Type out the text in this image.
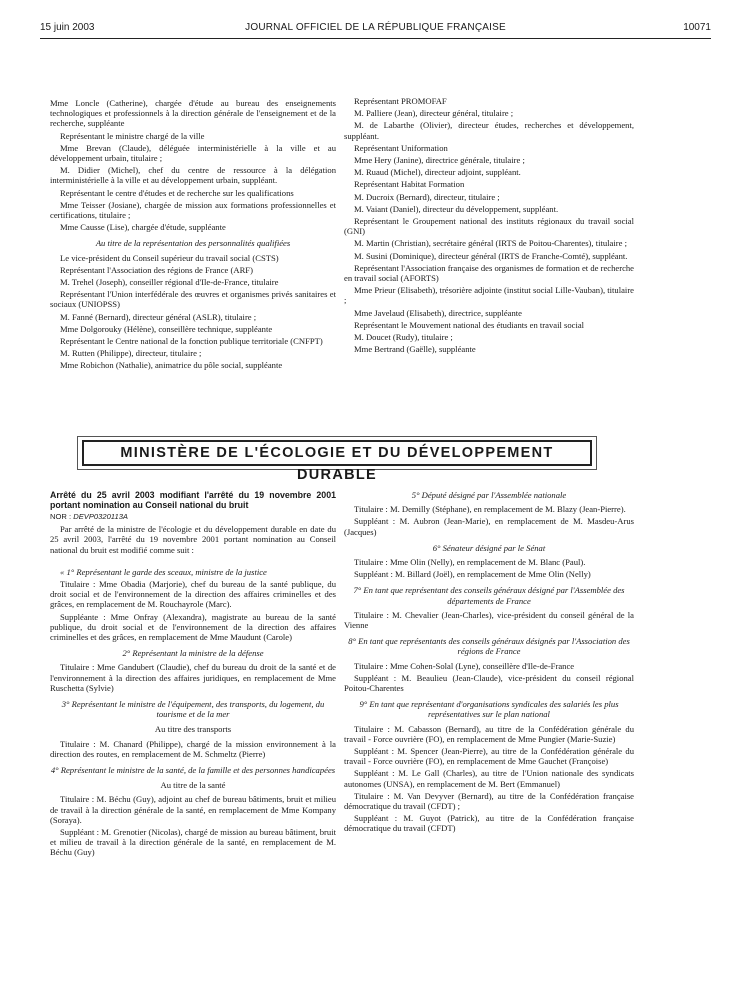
15 juin 2003	JOURNAL OFFICIEL DE LA RÉPUBLIQUE FRANÇAISE	10071

Mme Loncle (Catherine), chargée d'étude au bureau des enseignements technologiques et professionnels à la direction générale de l'enseignement et de la recherche, suppléante

Représentant le ministre chargé de la ville

Mme Brevan (Claude), déléguée interministérielle à la ville et au développement urbain, titulaire ;

M. Didier (Michel), chef du centre de ressource à la délégation interministérielle à la ville et au développement urbain, suppléant.

Représentant le centre d'études et de recherche sur les qualifications

Mme Teisser (Josiane), chargée de mission aux formations professionnelles et certifications, titulaire ;

Mme Causse (Lise), chargée d'étude, suppléante

Au titre de la représentation des personnalités qualifiées

Le vice-président du Conseil supérieur du travail social (CSTS)

Représentant l'Association des régions de France (ARF)

M. Trehel (Joseph), conseiller régional d'Ile-de-France, titulaire

Représentant l'Union interfédérale des œuvres et organismes privés sanitaires et sociaux (UNIOPSS)

M. Fanné (Bernard), directeur général (ASLR), titulaire ;

Mme Dolgorouky (Hélène), conseillère technique, suppléante

Représentant le Centre national de la fonction publique territoriale (CNFPT)

M. Rutten (Philippe), directeur, titulaire ;

Mme Robichon (Nathalie), animatrice du pôle social, suppléante

Représentant PROMOFAF

M. Palliere (Jean), directeur général, titulaire ;

M. de Labarthe (Olivier), directeur études, recherches et développement, suppléant.

Représentant Uniformation

Mme Hery (Janine), directrice générale, titulaire ;

M. Ruaud (Michel), directeur adjoint, suppléant.

Représentant Habitat Formation

M. Ducroix (Bernard), directeur, titulaire ;

M. Vaiant (Daniel), directeur du développement, suppléant.

Représentant le Groupement national des instituts régionaux du travail social (GNI)

M. Martin (Christian), secrétaire général (IRTS de Poitou-Charentes), titulaire ;

M. Susini (Dominique), directeur général (IRTS de Franche-Comté), suppléant.

Représentant l'Association française des organismes de formation et de recherche en travail social (AFORTS)

Mme Prieur (Elisabeth), trésorière adjointe (institut social Lille-Vauban), titulaire ;

Mme Javelaud (Elisabeth), directrice, suppléante

Représentant le Mouvement national des étudiants en travail social

M. Doucet (Rudy), titulaire ;

Mme Bertrand (Gaëlle), suppléante

MINISTÈRE DE L'ÉCOLOGIE ET DU DÉVELOPPEMENT DURABLE

Arrêté du 25 avril 2003 modifiant l'arrêté du 19 novembre 2001 portant nomination au Conseil national du bruit

NOR : DEVP0320113A

Par arrêté de la ministre de l'écologie et du développement durable en date du 25 avril 2003, l'arrêté du 19 novembre 2001 portant nomination au Conseil national du bruit est modifié comme suit :

« 1° Représentant le garde des sceaux, ministre de la justice

Titulaire : Mme Obadia (Marjorie), chef du bureau de la santé publique, du droit social et de l'environnement de la direction des affaires criminelles et des grâces, en remplacement de M. Rouchayrole (Marc).

Suppléante : Mme Onfray (Alexandra), magistrate au bureau de la santé publique, du droit social et de l'environnement de la direction des affaires criminelles et des grâces, en remplacement de Mme Maudunt (Carole)

2° Représentant la ministre de la défense

Titulaire : Mme Gandubert (Claudie), chef du bureau du droit de la santé et de l'environnement à la direction des affaires juridiques, en remplacement de Mme Ruschetta (Sylvie)

3° Représentant le ministre de l'équipement, des transports, du logement, du tourisme et de la mer

Au titre des transports

Titulaire : M. Chanard (Philippe), chargé de la mission environnement à la direction des routes, en remplacement de M. Schmeltz (Pierre)

4° Représentant le ministre de la santé, de la famille et des personnes handicapées

Au titre de la santé

Titulaire : M. Béchu (Guy), adjoint au chef de bureau bâtiments, bruit et milieu de travail à la direction générale de la santé, en remplacement de Mme Kompany (Soraya).

Suppléant : M. Grenotier (Nicolas), chargé de mission au bureau bâtiment, bruit et milieu de travail à la direction générale de la santé, en remplacement de M. Béchu (Guy)

5° Député désigné par l'Assemblée nationale

Titulaire : M. Demilly (Stéphane), en remplacement de M. Blazy (Jean-Pierre).

Suppléant : M. Aubron (Jean-Marie), en remplacement de M. Masdeu-Arus (Jacques)

6° Sénateur désigné par le Sénat

Titulaire : Mme Olin (Nelly), en remplacement de M. Blanc (Paul).

Suppléant : M. Billard (Joël), en remplacement de Mme Olin (Nelly)

7° En tant que représentant des conseils généraux désigné par l'Assemblée des départements de France

Titulaire : M. Chevalier (Jean-Charles), vice-président du conseil général de la Vienne

8° En tant que représentants des conseils généraux désignés par l'Association des régions de France

Titulaire : Mme Cohen-Solal (Lyne), conseillère d'Ile-de-France

Suppléant : M. Beaulieu (Jean-Claude), vice-président du conseil régional Poitou-Charentes

9° En tant que représentant d'organisations syndicales des salariés les plus représentatives sur le plan national

Titulaire : M. Cabasson (Bernard), au titre de la Confédération générale du travail - Force ouvrière (FO), en remplacement de Mme Pungier (Marie-Suzie)

Suppléant : M. Spencer (Jean-Pierre), au titre de la Confédération générale du travail - Force ouvrière (FO), en remplacement de Mme Gauchet (Françoise)

Suppléant : M. Le Gall (Charles), au titre de l'Union nationale des syndicats autonomes (UNSA), en remplacement de M. Bert (Emmanuel)

Titulaire : M. Van Devyver (Bernard), au titre de la Confédération française démocratique du travail (CFDT) ;

Suppléant : M. Guyot (Patrick), au titre de la Confédération française démocratique du travail (CFDT)
